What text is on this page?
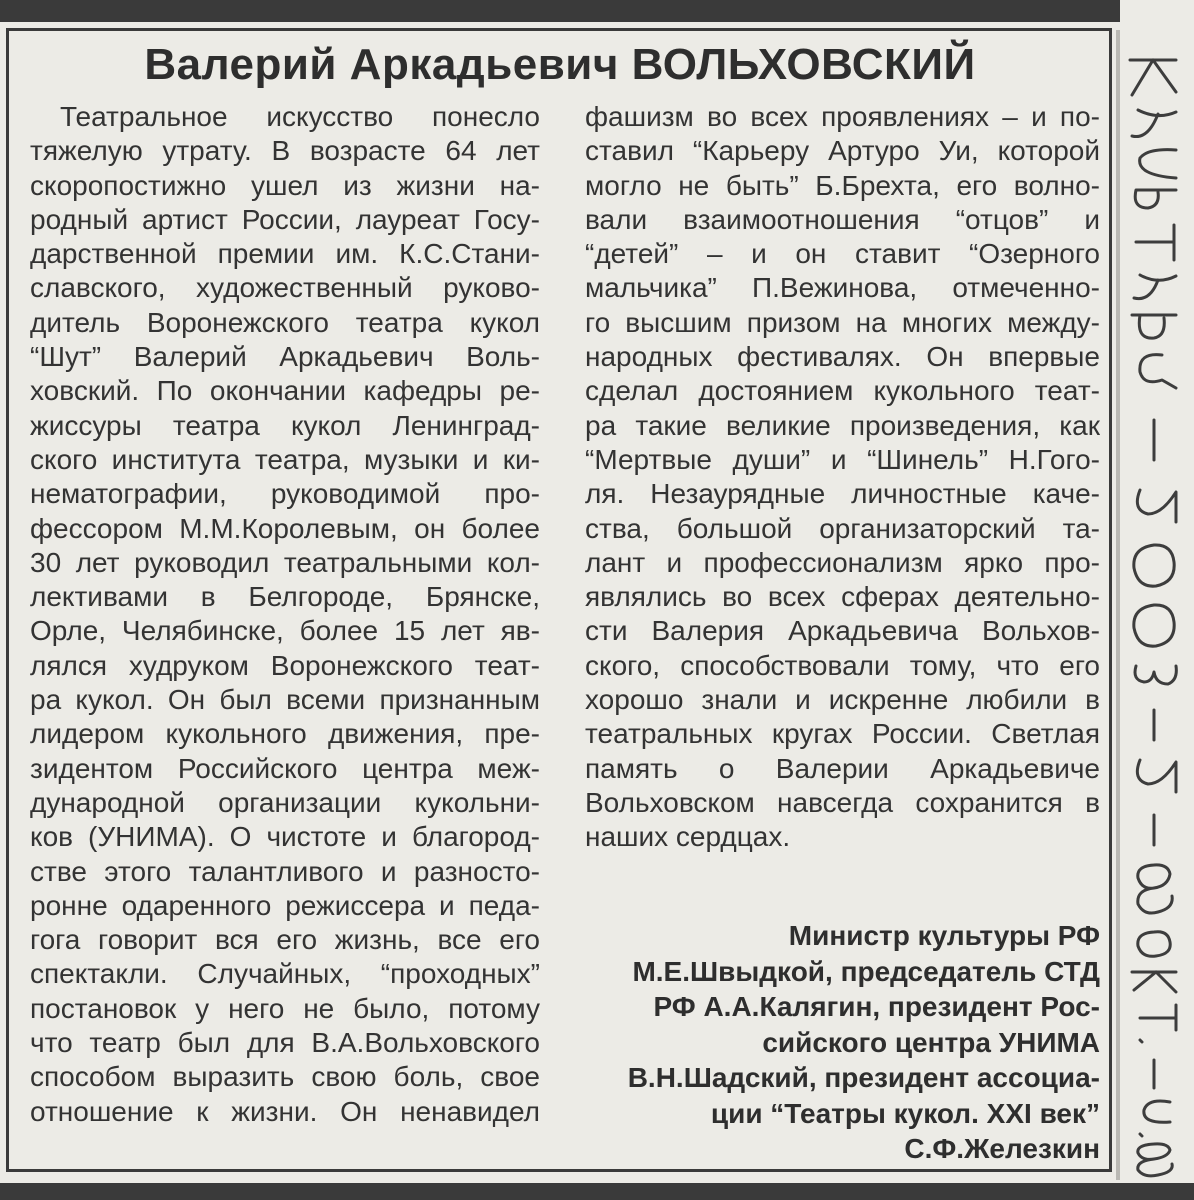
Валерий Аркадьевич ВОЛЬХОВСКИЙ
Театральное искусство понесло
тяжелую утрату. В возрасте 64 лет
скоропостижно ушел из жизни на-
родный артист России, лауреат Госу-
дарственной премии им. К.С.Стани-
славского, художественный руково-
дитель Воронежского театра кукол
“Шут” Валерий Аркадьевич Воль-
ховский. По окончании кафедры ре-
жиссуры театра кукол Ленинград-
ского института театра, музыки и ки-
нематографии, руководимой про-
фессором М.М.Королевым, он более
30 лет руководил театральными кол-
лективами в Белгороде, Брянске,
Орле, Челябинске, более 15 лет яв-
лялся худруком Воронежского теат-
ра кукол. Он был всеми признанным
лидером кукольного движения, пре-
зидентом Российского центра меж-
дународной организации кукольни-
ков (УНИМА). О чистоте и благород-
стве этого талантливого и разносто-
ронне одаренного режиссера и педа-
гога говорит вся его жизнь, все его
спектакли. Случайных, “проходных”
постановок у него не было, потому
что театр был для В.А.Вольховского
способом выразить свою боль, свое
отношение к жизни. Он ненавидел
фашизм во всех проявлениях – и по-
ставил “Карьеру Артуро Уи, которой
могло не быть” Б.Брехта, его волно-
вали взаимоотношения “отцов” и
“детей” – и он ставит “Озерного
мальчика” П.Вежинова, отмеченно-
го высшим призом на многих между-
народных фестивалях. Он впервые
сделал достоянием кукольного теат-
ра такие великие произведения, как
“Мертвые души” и “Шинель” Н.Гого-
ля. Незаурядные личностные каче-
ства, большой организаторский та-
лант и профессионализм ярко про-
являлись во всех сферах деятельно-
сти Валерия Аркадьевича Вольхов-
ского, способствовали тому, что его
хорошо знали и искренне любили в
театральных кругах России. Светлая
память о Валерии Аркадьевиче
Вольховском навсегда сохранится в
наших сердцах.
Министр культуры РФ
М.Е.Швыдкой, председатель СТД
РФ А.А.Калягин, президент Рос-
сийского центра УНИМА
В.Н.Шадский, президент ассоциа-
ции “Театры кукол. XXI век”
С.Ф.Железкин
